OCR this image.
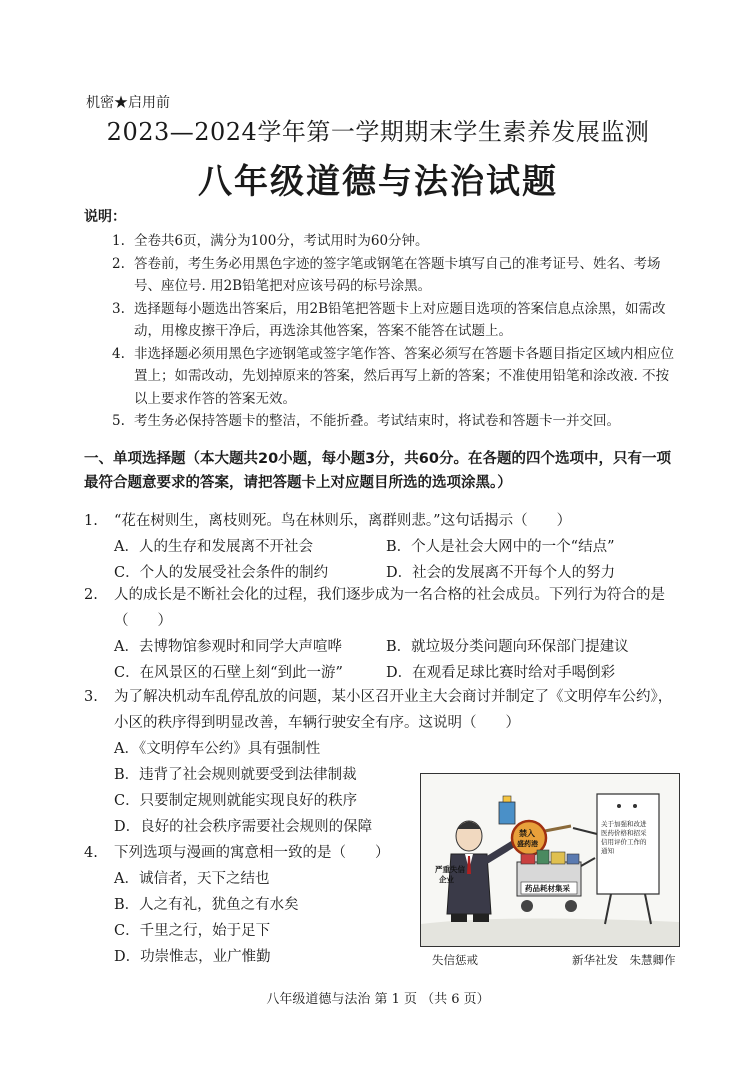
机密★启用前
2023—2024学年第一学期期末学生素养发展监测
八年级道德与法治试题
说明：
1. 全卷共6页，满分为100分，考试用时为60分钟。
2. 答卷前，考生务必用黑色字迹的签字笔或钢笔在答题卡填写自己的准考证号、姓名、考场号、座位号. 用2B铅笔把对应该号码的标号涂黑。
3. 选择题每小题选出答案后，用2B铅笔把答题卡上对应题目选项的答案信息点涂黑，如需改动，用橡皮擦干净后，再选涂其他答案，答案不能答在试题上。
4. 非选择题必须用黑色字迹钢笔或签字笔作答、答案必须写在答题卡各题目指定区域内相应位置上；如需改动，先划掉原来的答案，然后再写上新的答案；不准使用铅笔和涂改液. 不按以上要求作答的答案无效。
5. 考生务必保持答题卡的整洁，不能折叠。考试结束时，将试卷和答题卡一并交回。
一、单项选择题（本大题共20小题，每小题3分，共60分。在各题的四个选项中，只有一项最符合题意要求的答案，请把答题卡上对应题目所选的选项涂黑。）
1.	“花在树则生，离枝则死。鸟在林则乐，离群则悲。”这句话揭示（　　）
A．人的生存和发展离不开社会	B．个人是社会大网中的一个“结点”
C．个人的发展受社会条件的制约	D．社会的发展离不开每个人的努力
2.	人的成长是不断社会化的过程，我们逐步成为一名合格的社会成员。下列行为符合的是（　　）
A．去博物馆参观时和同学大声喧哗	B．就垃圾分类问题向环保部门提建议
C．在风景区的石壁上刻“到此一游”	D．在观看足球比赛时给对手喝倒彩
3.	为了解决机动车乱停乱放的问题，某小区召开业主大会商讨并制定了《文明停车公约》，小区的秩序得到明显改善，车辆行驶安全有序。这说明（　　）
A．《文明停车公约》具有强制性
B．违背了社会规则就要受到法律制裁
C．只要制定规则就能实现良好的秩序
D．良好的社会秩序需要社会规则的保障
4.	下列选项与漫画的寓意相一致的是（　　）
A．诚信者，天下之结也
B．人之有礼，犹鱼之有水矣
C．千里之行，始于足下
D．功崇惟志，业广惟勤
严重失信
企业
禁入
盛药港
药品耗材集采
关于加强和改进
医药价格和招采
信用评价工作的
通知
失信惩戒	新华社发　朱慧卿作
八年级道德与法治 第 1 页 （共 6 页）
